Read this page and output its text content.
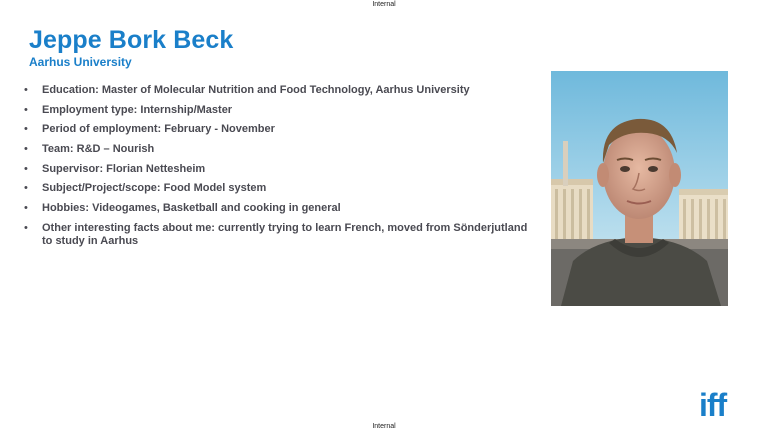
Internal
Jeppe Bork Beck
Aarhus University
• Education: Master of Molecular Nutrition and Food Technology, Aarhus University
• Employment type: Internship/Master
• Period of employment: February - November
• Team: R&D – Nourish
• Supervisor: Florian Nettesheim
• Subject/Project/scope: Food Model system
• Hobbies: Videogames, Basketball and cooking in general
• Other interesting facts about me: currently trying to learn French, moved from Sönderjutland to study in Aarhus
iff
Internal
